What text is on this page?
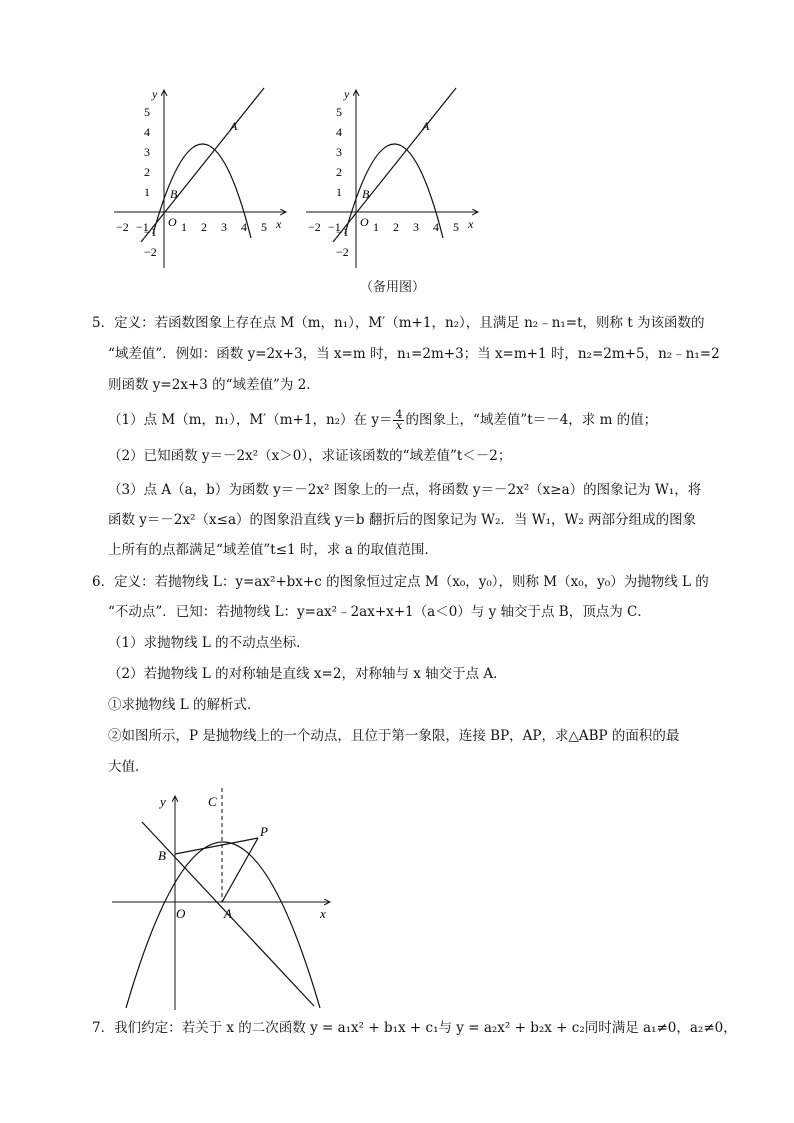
y
x
O
−2 −1	1 2 3 4 5
5
4
3
2
1
−1
−2
A
B
y
x
O
−2 −1	1 2 3 4 5
5
4
3
2
1
−1
−2
A
B
（备用图）
5．定义：若函数图象上存在点 M（m，n₁），M′（m+1，n₂），且满足 n₂﹣n₁=t，则称 t 为该函数的
“域差值”．例如：函数 y=2x+3，当 x=m 时，n₁=2m+3；当 x=m+1 时，n₂=2m+5，n₂﹣n₁=2
则函数 y=2x+3 的“域差值”为 2．
（1）点 M（m，n₁），M′（m+1，n₂）在 $y= \frac{4}{x}$ 的图象上，“域差值”t＝－4，求 m 的值；
（2）已知函数 y＝－2x²（x＞0），求证该函数的“域差值”t＜－2；
（3）点 A（a，b）为函数 y＝－2x² 图象上的一点，将函数 y＝－2x²（x≥a）的图象记为 W₁，将
函数 y＝－2x²（x≤a）的图象沿直线 y＝b 翻折后的图象记为 W₂．当 W₁，W₂ 两部分组成的图象
上所有的点都满足“域差值”t≤1 时，求 a 的取值范围．
6．定义：若抛物线 L：y=ax²+bx+c 的图象恒过定点 M（x₀，y₀），则称 M（x₀，y₀）为抛物线 L 的
“不动点”．已知：若抛物线 L：y=ax²﹣2ax+x+1（a＜0）与 y 轴交于点 B，顶点为 C．
（1）求抛物线 L 的不动点坐标．
（2）若抛物线 L 的对称轴是直线 x=2，对称轴与 x 轴交于点 A．
①求抛物线 L 的解析式．
②如图所示，P 是抛物线上的一个动点，且位于第一象限，连接 BP，AP，求△ABP 的面积的最
大值．
y
x
O	A
B
C
P
7．我们约定：若关于 x 的二次函数 y = a₁x² + b₁x + c₁与 y = a₂x² + b₂x + c₂同时满足 a₁≠0，a₂≠0，
